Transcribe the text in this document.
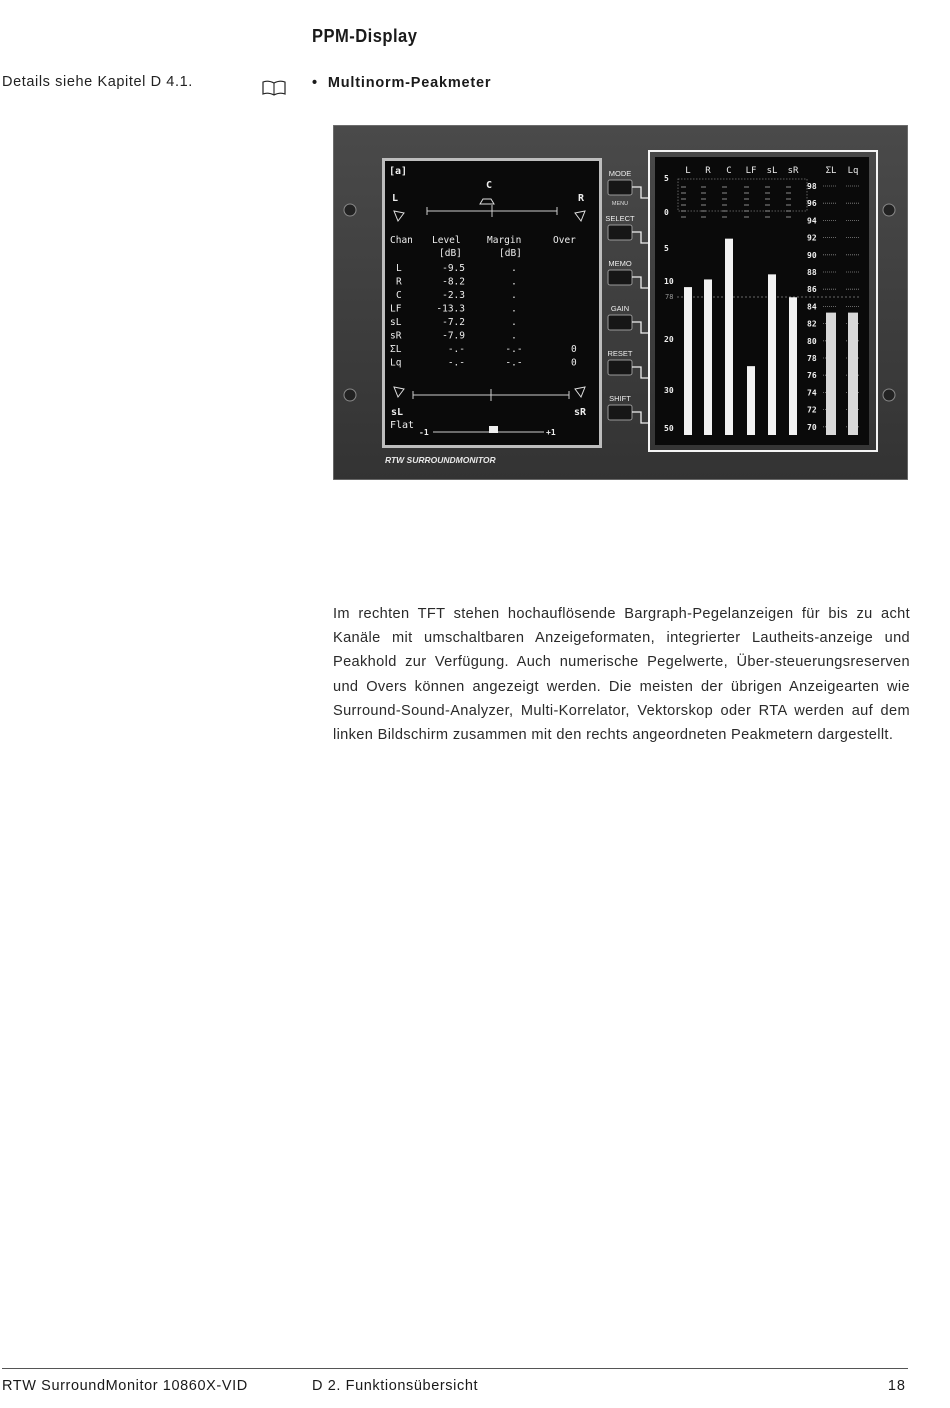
PPM-Display
Details siehe Kapitel D 4.1.	• Multinorm-Peakmeter
[a]
C
L	R
Chan Level	Margin	Over
[dB]	[dB]
L	-9.5	.
R	-8.2	.
C	-2.3	.
LF	-13.3	.
sL	-7.2	.
sR	-7.9	.
ΣL	-.-	-.-	0
Lq	-.-	-.-	0
sL	sR
Flat
-1	+1
MODE
MENU
SELECT
MEMO
GAIN
RESET
SHIFT
L R C LF sL sR	ΣL Lq
5
0
5
10
20
30
50
98
96
94
92
90
88
86
84
82
80
78
76
74
72
70
78
RTW SURROUNDMONITOR
Im rechten TFT stehen hochauflösende Bargraph-Pegelanzeigen für bis zu acht Kanäle mit umschaltbaren Anzeigeformaten, integrierter Lautheits-anzeige und Peakhold zur Verfügung. Auch numerische Pegelwerte, Über-steuerungsreserven und Overs können angezeigt werden. Die meisten der übrigen Anzeigearten wie Surround-Sound-Analyzer, Multi-Korrelator, Vektorskop oder RTA werden auf dem linken Bildschirm zusammen mit den rechts angeordneten Peakmetern dargestellt.
RTW SurroundMonitor 10860X-VID	D 2. Funktionsübersicht	18
